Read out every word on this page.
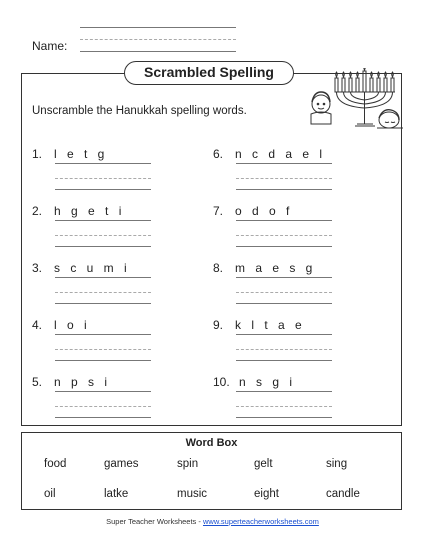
Name:
Scrambled Spelling
Unscramble the Hanukkah spelling words.
1. l e t g
2. h g e t i
3. s c u m i
4. l o i
5. n p s i
6. n c d a e l
7. o d o f
8. m a e s g
9. k l t a e
10. n s g i
Word Box
food	games	spin	gelt	sing
oil	latke	music	eight	candle
Super Teacher Worksheets - www.superteacherworksheets.com
